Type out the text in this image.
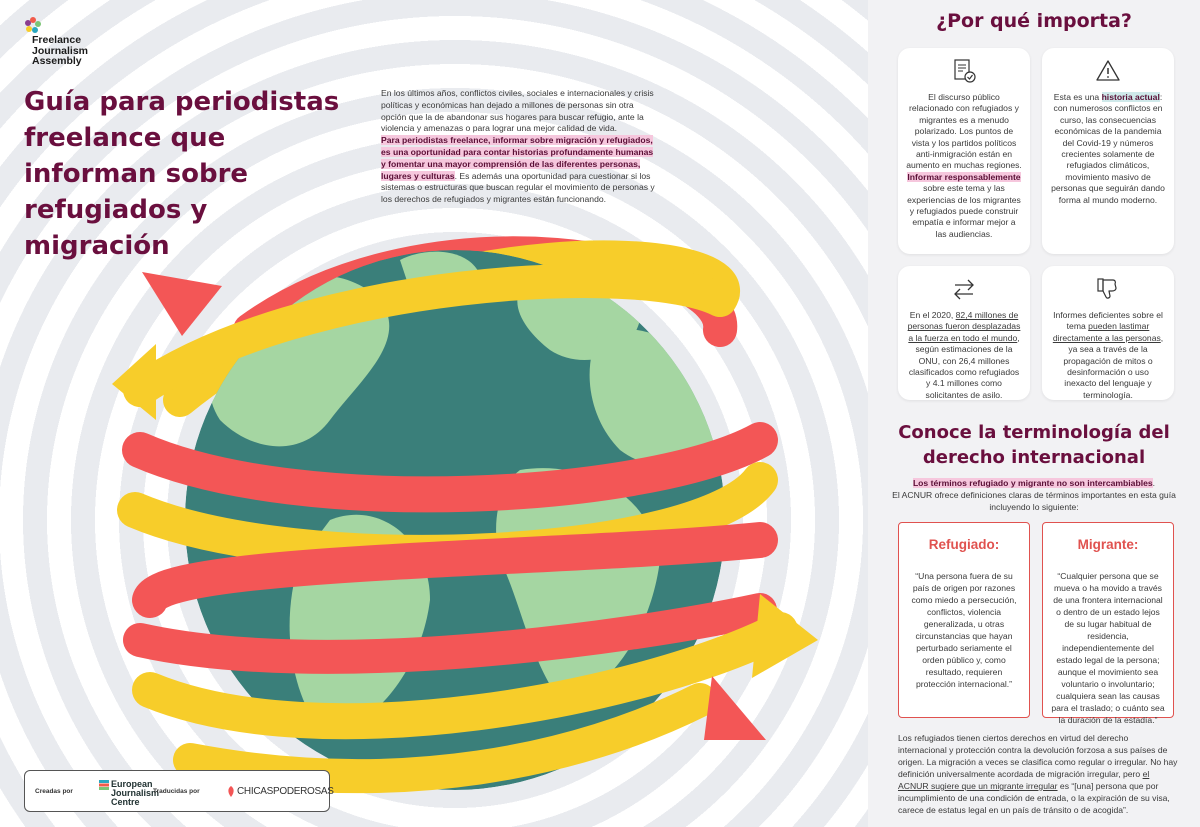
Freelance Journalism Assembly
Guía para periodistas freelance que informan sobre refugiados y migración
En los últimos años, conflictos civiles, sociales e internacionales y crisis políticas y económicas han dejado a millones de personas sin otra opción que la de abandonar sus hogares para buscar refugio, ante la violencia y amenazas o para lograr una mejor calidad de vida.
Para periodistas freelance, informar sobre migración y refugiados, es una oportunidad para contar historias profundamente humanas y fomentar una mayor comprensión de las diferentes personas, lugares y culturas. Es además una oportunidad para cuestionar si los sistemas o estructuras que buscan regular el movimiento de personas y los derechos de refugiados y migrantes están funcionando.
Creadas por
European Journalism Centre
Traducidas por	CHICASPODEROSAS
¿Por qué importa?
El discurso público relacionado con refugiados y migrantes es a menudo polarizado. Los puntos de vista y los partidos políticos anti-inmigración están en aumento en muchas regiones. Informar responsablemente sobre este tema y las experiencias de los migrantes y refugiados puede construir empatía e informar mejor a las audiencias.
Esta es una historia actual: con numerosos conflictos en curso, las consecuencias económicas de la pandemia del Covid-19 y números crecientes solamente de refugiados climáticos, movimiento masivo de personas que seguirán dando forma al mundo moderno.
En el 2020, 82,4 millones de personas fueron desplazadas a la fuerza en todo el mundo, según estimaciones de la ONU, con 26,4 millones clasificados como refugiados y 4.1 millones como solicitantes de asilo.
Informes deficientes sobre el tema pueden lastimar directamente a las personas, ya sea a través de la propagación de mitos o desinformación o uso inexacto del lenguaje y terminología.
Conoce la terminología del
derecho internacional
Los términos refugiado y migrante no son intercambiables.
El ACNUR ofrece definiciones claras de términos importantes en esta guía incluyendo lo siguiente:
Refugiado:
“Una persona fuera de su país de origen por razones como miedo a persecución, conflictos, violencia generalizada, u otras circunstancias que hayan perturbado seriamente el orden público y, como resultado, requieren protección internacional.”
Migrante:
“Cualquier persona que se mueva o ha movido a través de una frontera internacional o dentro de un estado lejos de su lugar habitual de residencia, independientemente del estado legal de la persona; aunque el movimiento sea voluntario o involuntario; cualquiera sean las causas para el traslado; o cuánto sea la duración de la estadía.”
Los refugiados tienen ciertos derechos en virtud del derecho internacional y protección contra la devolución forzosa a sus países de origen. La migración a veces se clasifica como regular o irregular. No hay definición universalmente acordada de migración irregular, pero el ACNUR sugiere que un migrante irregular es “[una] persona que por incumplimiento de una condición de entrada, o la expiración de su visa, carece de estatus legal en un país de tránsito o de acogida”.
